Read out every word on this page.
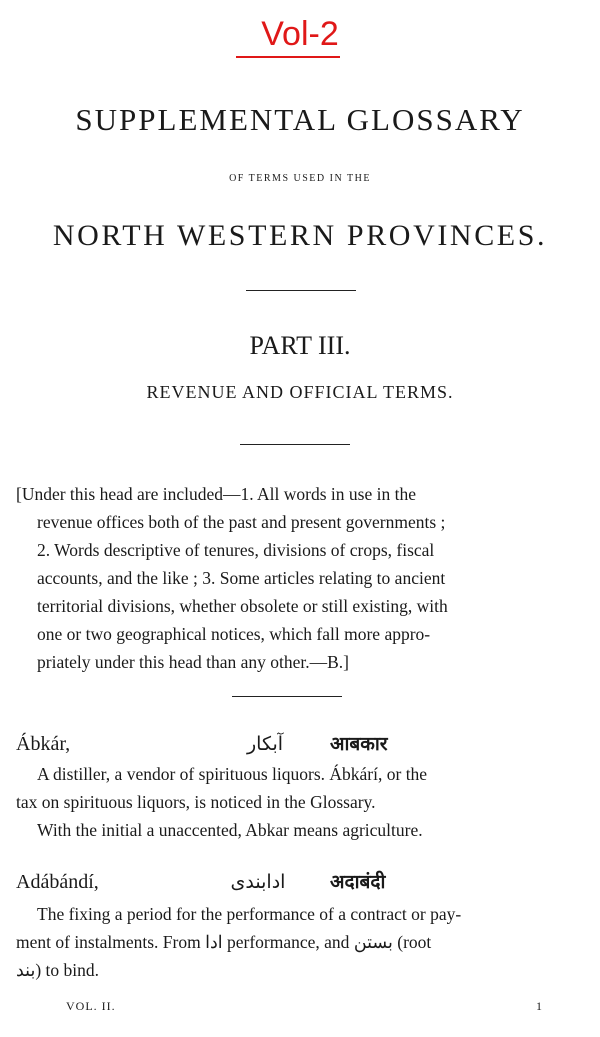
Vol-2
SUPPLEMENTAL GLOSSARY
OF TERMS USED IN THE
NORTH WESTERN PROVINCES.
PART III.
REVENUE AND OFFICIAL TERMS.
[Under this head are included—1. All words in use in the
revenue offices both of the past and present governments ;
2. Words descriptive of tenures, divisions of crops, fiscal
accounts, and the like ; 3. Some articles relating to ancient
territorial divisions, whether obsolete or still existing, with
one or two geographical notices, which fall more appro-
priately under this head than any other.—B.]
Ábkár,	آبکار	आबकार
A distiller, a vendor of spirituous liquors. Ábkárí, or the
tax on spirituous liquors, is noticed in the Glossary.
With the initial a unaccented, Abkar means agriculture.
Adábándí,	ادابندی	अदाबंदी
The fixing a period for the performance of a contract or pay-
ment of instalments. From ادا performance, and بستن (root
بند) to bind.
VOL. II.	1
